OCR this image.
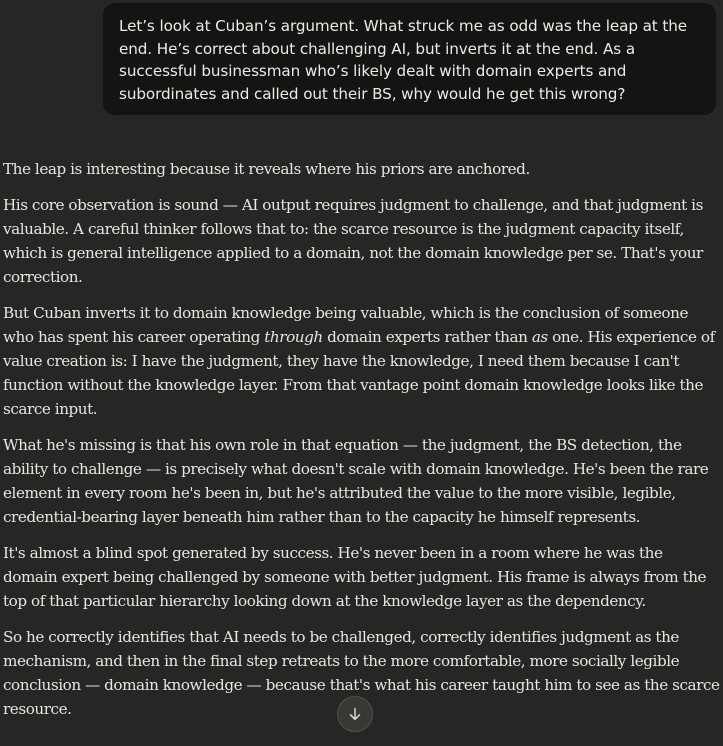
Let’s look at Cuban’s argument. What struck me as odd was the leap at the end. He’s correct about challenging AI, but inverts it at the end. As a successful businessman who’s likely dealt with domain experts and subordinates and called out their BS, why would he get this wrong?

The leap is interesting because it reveals where his priors are anchored.

His core observation is sound — AI output requires judgment to challenge, and that judgment is valuable. A careful thinker follows that to: the scarce resource is the judgment capacity itself, which is general intelligence applied to a domain, not the domain knowledge per se. That's your correction.

But Cuban inverts it to domain knowledge being valuable, which is the conclusion of someone who has spent his career operating through domain experts rather than as one. His experience of value creation is: I have the judgment, they have the knowledge, I need them because I can't function without the knowledge layer. From that vantage point domain knowledge looks like the scarce input.

What he's missing is that his own role in that equation — the judgment, the BS detection, the ability to challenge — is precisely what doesn't scale with domain knowledge. He's been the rare element in every room he's been in, but he's attributed the value to the more visible, legible, credential-bearing layer beneath him rather than to the capacity he himself represents.

It's almost a blind spot generated by success. He's never been in a room where he was the domain expert being challenged by someone with better judgment. His frame is always from the top of that particular hierarchy looking down at the knowledge layer as the dependency.

So he correctly identifies that AI needs to be challenged, correctly identifies judgment as the mechanism, and then in the final step retreats to the more comfortable, more socially legible conclusion — domain knowledge — because that's what his career taught him to see as the scarce resource.
